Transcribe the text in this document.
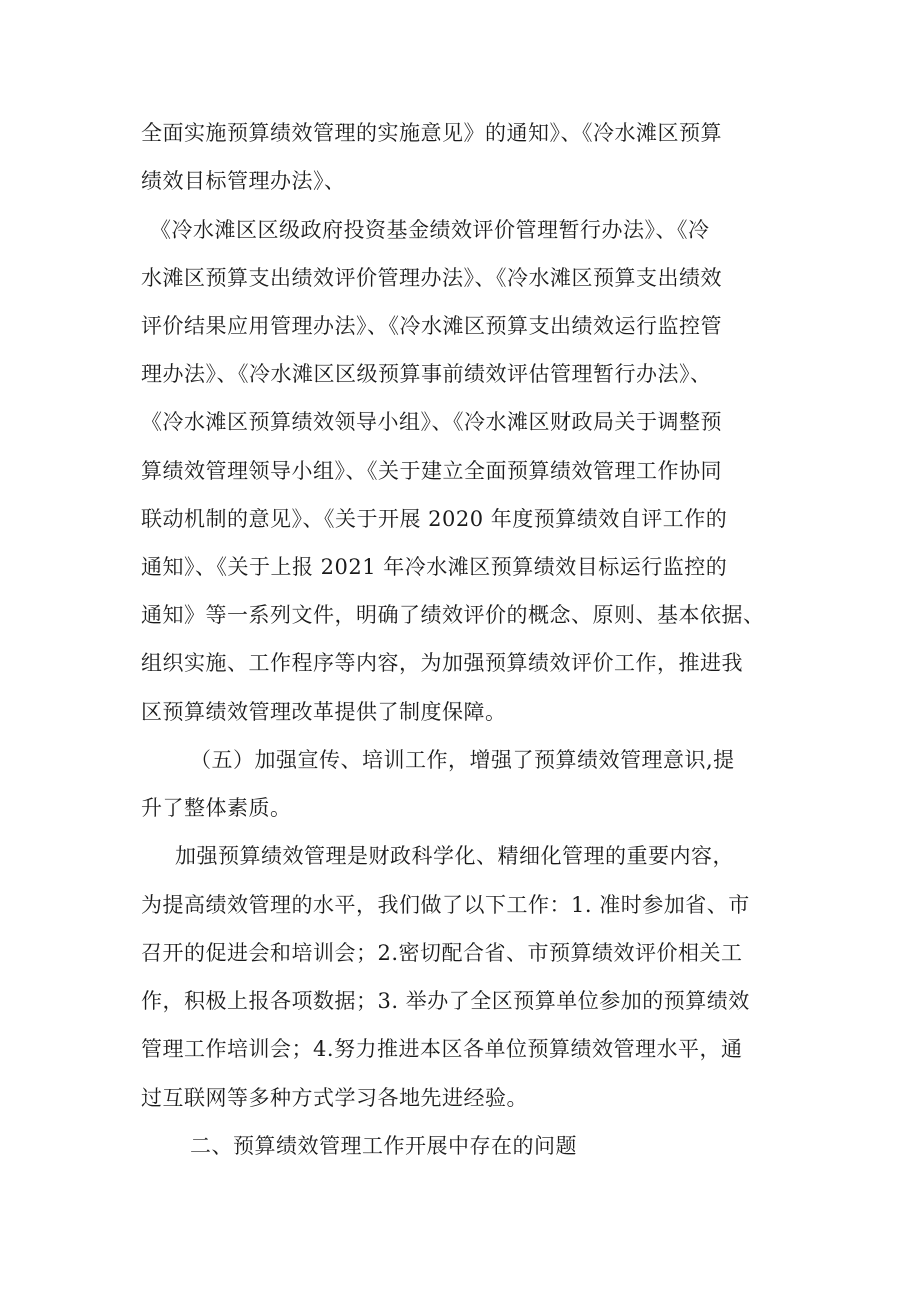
全面实施预算绩效管理的实施意见》的通知》、《冷水滩区预算
绩效目标管理办法》、
《冷水滩区区级政府投资基金绩效评价管理暂行办法》、《冷
水滩区预算支出绩效评价管理办法》、《冷水滩区预算支出绩效
评价结果应用管理办法》、《冷水滩区预算支出绩效运行监控管
理办法》、《冷水滩区区级预算事前绩效评估管理暂行办法》、
《冷水滩区预算绩效领导小组》、《冷水滩区财政局关于调整预
算绩效管理领导小组》、《关于建立全面预算绩效管理工作协同
联动机制的意见》、《关于开展 2020 年度预算绩效自评工作的
通知》、《关于上报 2021 年冷水滩区预算绩效目标运行监控的
通知》等一系列文件，明确了绩效评价的概念、原则、基本依据、
组织实施、工作程序等内容，为加强预算绩效评价工作，推进我
区预算绩效管理改革提供了制度保障。
（五）加强宣传、培训工作，增强了预算绩效管理意识,提
升了整体素质。
加强预算绩效管理是财政科学化、精细化管理的重要内容，
为提高绩效管理的水平，我们做了以下工作：1. 准时参加省、市
召开的促进会和培训会；2.密切配合省、市预算绩效评价相关工
作，积极上报各项数据；3. 举办了全区预算单位参加的预算绩效
管理工作培训会；4.努力推进本区各单位预算绩效管理水平，通
过互联网等多种方式学习各地先进经验。
二、预算绩效管理工作开展中存在的问题
